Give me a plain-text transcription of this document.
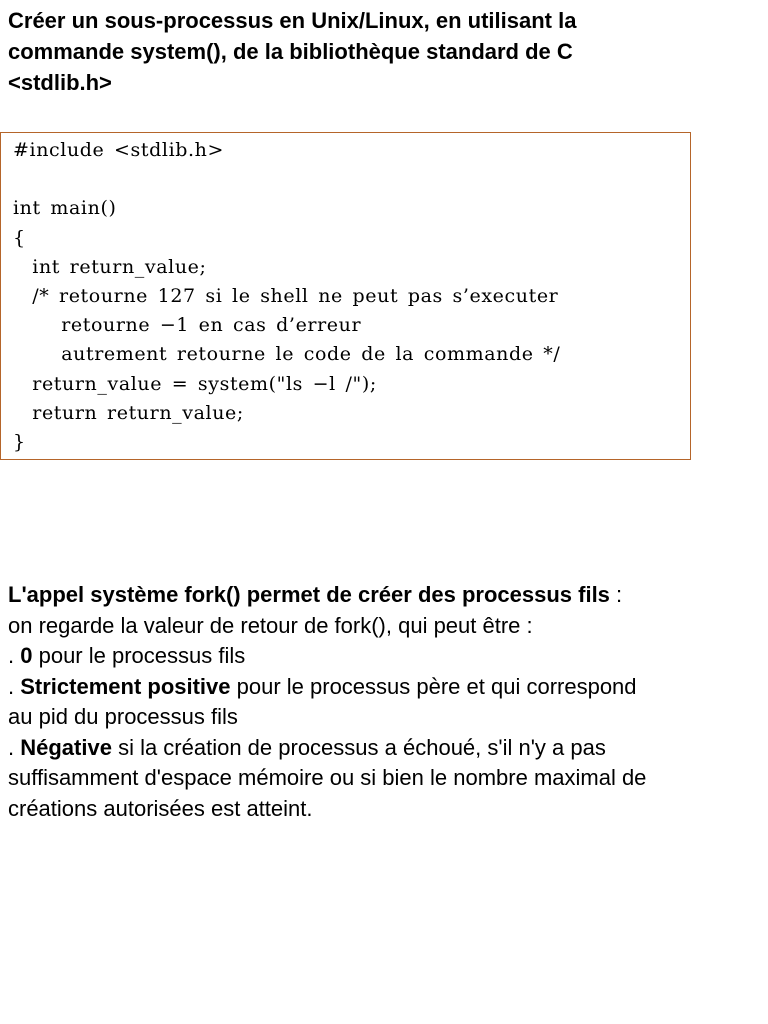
Créer un sous-processus en Unix/Linux, en utilisant la
commande system(), de la bibliothèque standard de C
<stdlib.h>
#include <stdlib.h>
int main()
{
int return_value;
/* retourne 127 si le shell ne peut pas s’executer
retourne −1 en cas d’erreur
autrement retourne le code de la commande */
return_value = system("ls −l /");
return return_value;
}

L'appel système fork() permet de créer des processus fils :

on regarde la valeur de retour de fork(), qui peut être :

. 0 pour le processus fils

. Strictement positive pour le processus père et qui correspond

au pid du processus fils

. Négative si la création de processus a échoué, s'il n'y a pas

suffisamment d'espace mémoire ou si bien le nombre maximal de

créations autorisées est atteint.
